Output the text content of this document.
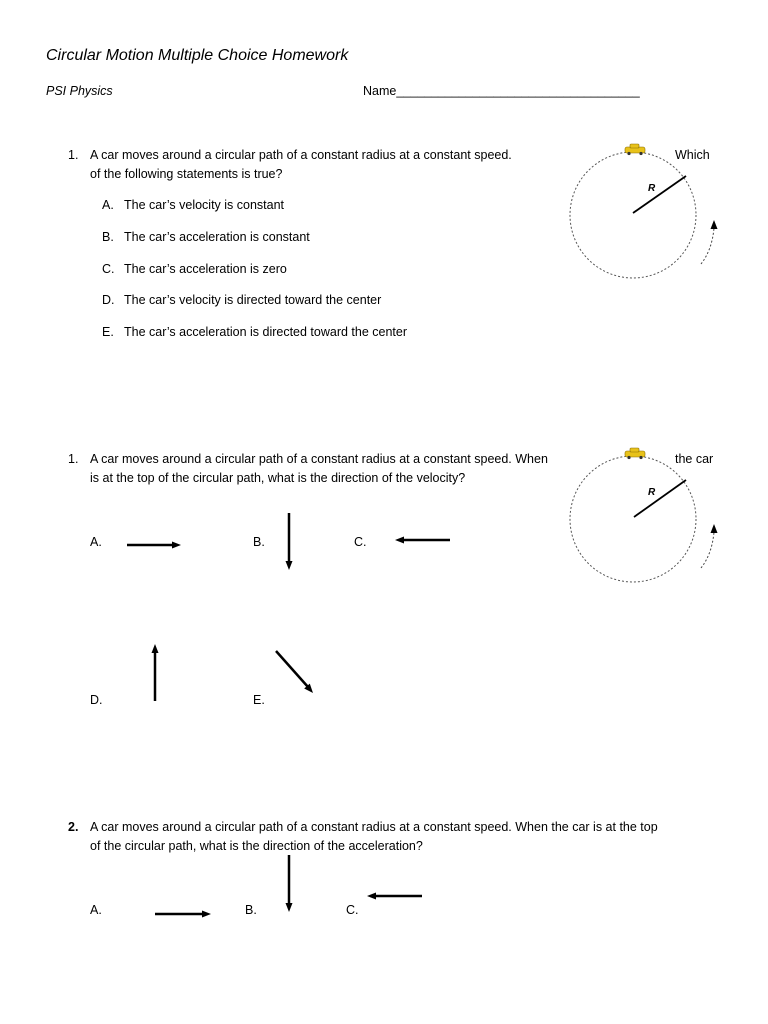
Circular Motion Multiple Choice Homework
PSI Physics	Name___________________________________
1. A car moves around a circular path of a constant radius at a constant speed.	Which
of the following statements is true?
A. The car’s velocity is constant
B. The car’s acceleration is constant
C. The car’s acceleration is zero
D. The car’s velocity is directed toward the center
E. The car’s acceleration is directed toward the center
R
1. A car moves around a circular path of a constant radius at a constant speed. When	the car
is at the top of the circular path, what is the direction of the velocity?
R
A.	B.	C.
D.	E.
2. A car moves around a circular path of a constant radius at a constant speed. When the car is at the top
of the circular path, what is the direction of the acceleration?
A.	B.	C.
